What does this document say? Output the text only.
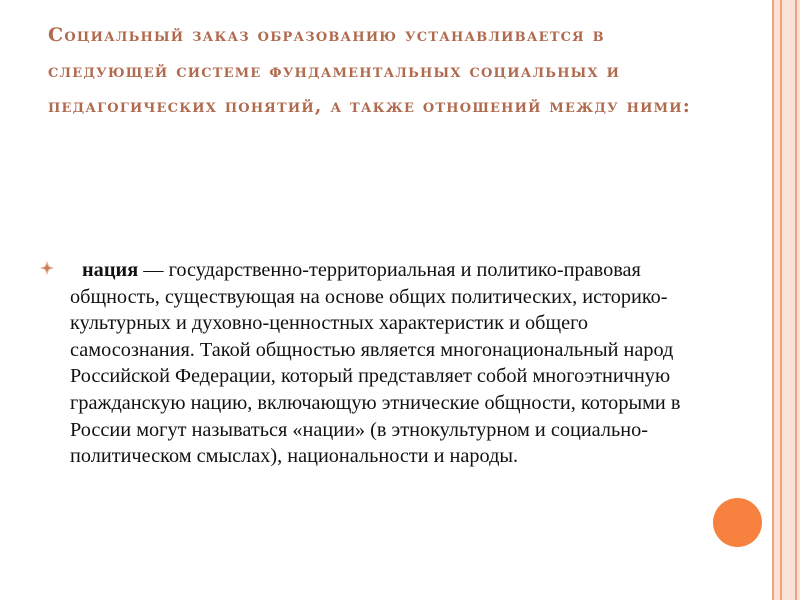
Социальный заказ образованию устанавливается в следующей системе фундаментальных социальных и педагогических понятий, а также отношений между ними:

нация — государственно-территориальная и политико-правовая общность, существующая на основе общих политических, историко-культурных и духовно-ценностных характеристик и общего самосознания. Такой общностью является многонациональный народ Российской Федерации, который представляет собой многоэтничную гражданскую нацию, включающую этнические общности, которыми в России могут называться «нации» (в этнокультурном и социально-политическом смыслах), национальности и народы.
